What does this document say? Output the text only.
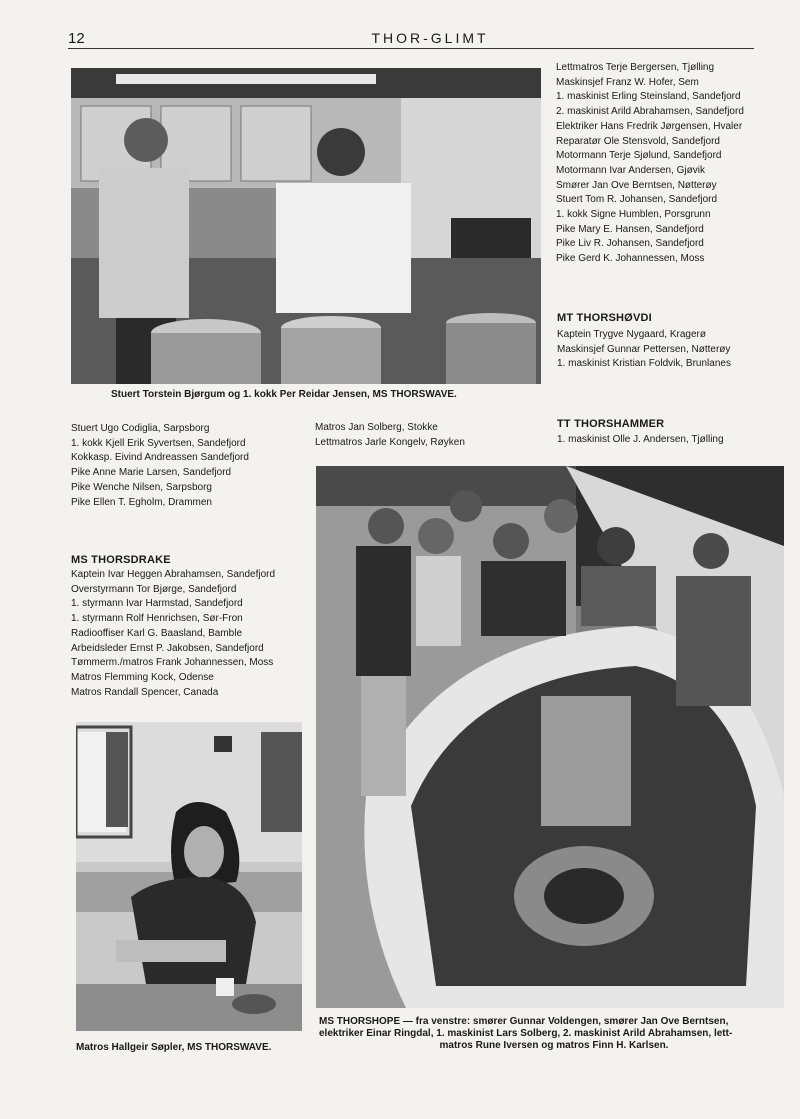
12	THOR-GLIMT
Stuert Torstein Bjørgum og 1. kokk Per Reidar Jensen, MS THORSWAVE.
Lettmatros Terje Bergersen, Tjølling
Maskinsjef Franz W. Hofer, Sem
1. maskinist Erling Steinsland, Sandefjord
2. maskinist Arild Abrahamsen, Sandefjord
Elektriker Hans Fredrik Jørgensen, Hvaler
Reparatør Ole Stensvold, Sandefjord
Motormann Terje Sjølund, Sandefjord
Motormann Ivar Andersen, Gjøvik
Smører Jan Ove Berntsen, Nøtterøy
Stuert Tom R. Johansen, Sandefjord
1. kokk Signe Humblen, Porsgrunn
Pike Mary E. Hansen, Sandefjord
Pike Liv R. Johansen, Sandefjord
Pike Gerd K. Johannessen, Moss
MT THORSHØVDI
Kaptein Trygve Nygaard, Kragerø
Maskinsjef Gunnar Pettersen, Nøtterøy
1. maskinist Kristian Foldvik, Brunlanes
TT THORSHAMMER
1. maskinist Olle J. Andersen, Tjølling
Stuert Ugo Codiglia, Sarpsborg
1. kokk Kjell Erik Syvertsen, Sandefjord
Kokkasp. Eivind Andreassen Sandefjord
Pike Anne Marie Larsen, Sandefjord
Pike Wenche Nilsen, Sarpsborg
Pike Ellen T. Egholm, Drammen
Matros Jan Solberg, Stokke
Lettmatros Jarle Kongelv, Røyken
MS THORSDRAKE
Kaptein Ivar Heggen Abrahamsen, Sandefjord
Overstyrmann Tor Bjørge, Sandefjord
1. styrmann Ivar Harmstad, Sandefjord
1. styrmann Rolf Henrichsen, Sør-Fron
Radiooffiser Karl G. Baasland, Bamble
Arbeidsleder Ernst P. Jakobsen, Sandefjord
Tømmerm./matros Frank Johannessen, Moss
Matros Flemming Kock, Odense
Matros Randall Spencer, Canada
Matros Hallgeir Søpler, MS THORSWAVE.
MS THORSHOPE — fra venstre: smører Gunnar Voldengen, smører Jan Ove Berntsen,
elektriker Einar Ringdal, 1. maskinist Lars Solberg, 2. maskinist Arild Abrahamsen, lett-
matros Rune Iversen og matros Finn H. Karlsen.
